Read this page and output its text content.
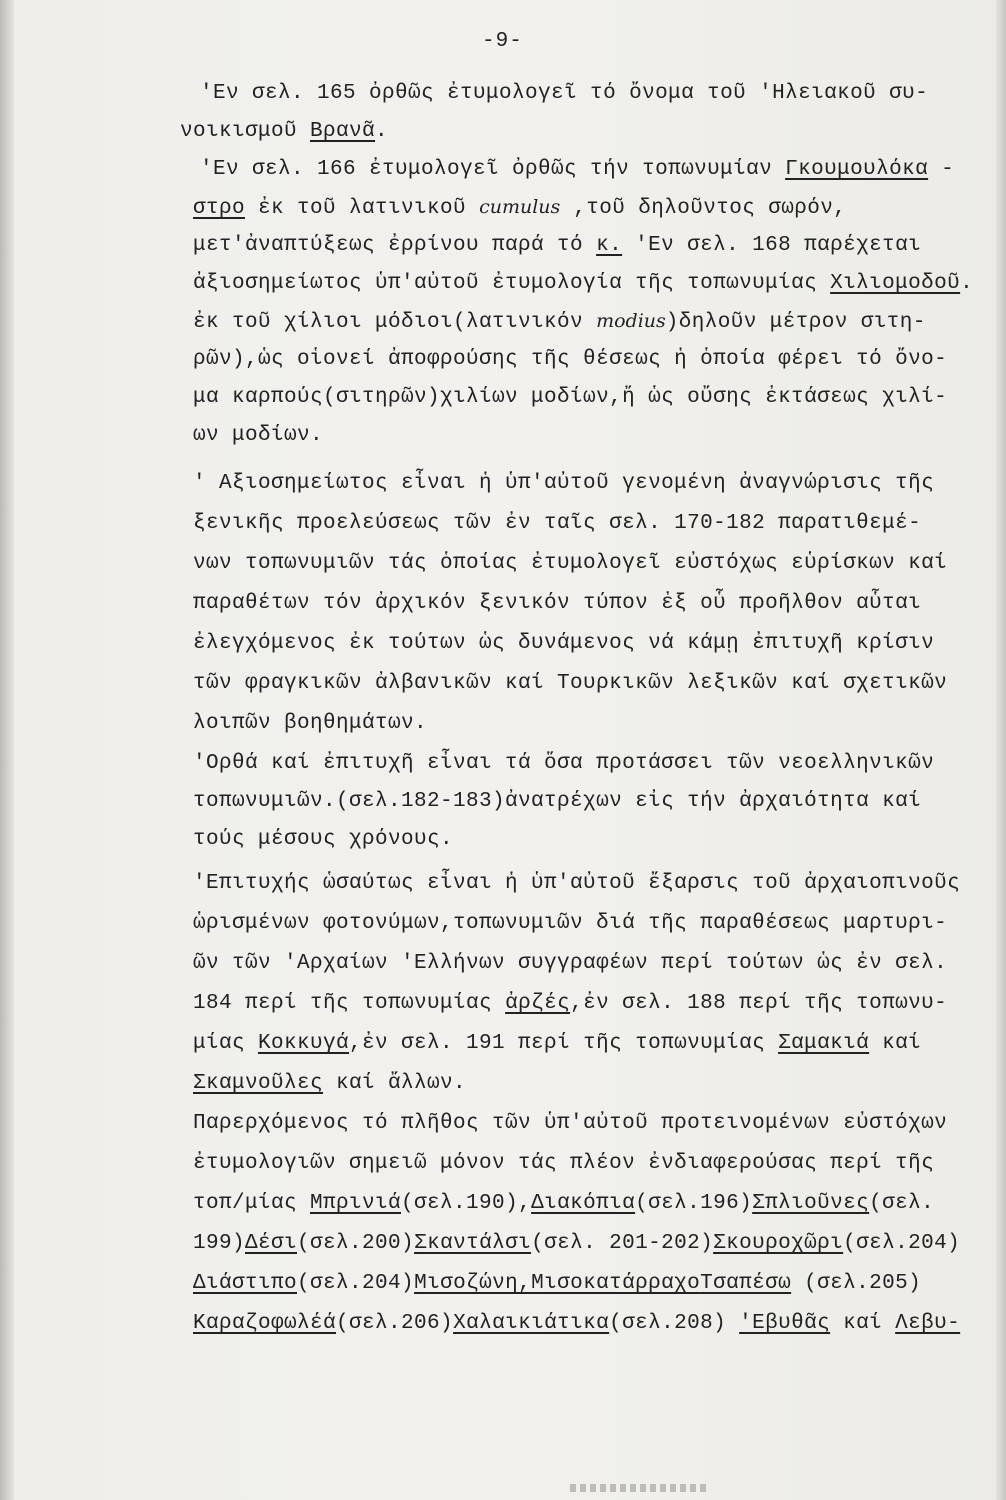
-9-
'Εν σελ. 165 ὀρθῶς ἐτυμολογεῖ τό ὄνομα τοῦ 'Ηλειακοῦ συ-
νοικισμοῦ Βρανᾶ.
'Εν σελ. 166 ἐτυμολογεῖ ὀρθῶς τήν τοπωνυμίαν Γκουμουλόκα -
στρο ἐκ τοῦ λατινικοῦ cumulus ,τοῦ δηλοῦντος σωρόν,
μετ'ἀναπτύξεως ἐρρίνου παρά τό κ. 'Εν σελ. 168 παρέχεται
ἀξιοσημείωτος ὑπ'αὐτοῦ ἐτυμολογία τῆς τοπωνυμίας Χιλιομοδοῦ.
ἐκ τοῦ χίλιοι μόδιοι(λατινικόν modius)δηλοῦν μέτρον σιτη-
ρῶν),ὡς οἱονεί ἀποφρούσης τῆς θέσεως ἡ ὁποία φέρει τό ὄνο-
μα καρπούς(σιτηρῶν)χιλίων μοδίων,ἤ ὡς οὔσης ἐκτάσεως χιλί-
ων μοδίων.
' Αξιοσημείωτος εἶναι ἡ ὑπ'αὐτοῦ γενομένη ἀναγνώρισις τῆς
ξενικῆς προελεύσεως τῶν ἐν ταῖς σελ. 170-182 παρατιθεμέ-
νων τοπωνυμιῶν τάς ὁποίας ἐτυμολογεῖ εὐστόχως εὑρίσκων καί
παραθέτων τόν ἀρχικόν ξενικόν τύπον ἐξ οὗ προῆλθον αὗται
ἐλεγχόμενος ἐκ τούτων ὡς δυνάμενος νά κάμῃ ἐπιτυχῆ κρίσιν
τῶν φραγκικῶν ἀλβανικῶν καί Τουρκικῶν λεξικῶν καί σχετικῶν
λοιπῶν βοηθημάτων.
'Ορθά καί ἐπιτυχῆ εἶναι τά ὅσα προτάσσει τῶν νεοελληνικῶν
τοπωνυμιῶν.(σελ.182-183)ἀνατρέχων εἰς τήν ἀρχαιότητα καί
τούς μέσους χρόνους.
'Επιτυχής ὡσαύτως εἶναι ἡ ὑπ'αὐτοῦ ἔξαρσις τοῦ ἀρχαιοπινοῦς
ὡρισμένων φοτονύμων,τοπωνυμιῶν διά τῆς παραθέσεως μαρτυρι-
ῶν τῶν 'Αρχαίων 'Ελλήνων συγγραφέων περί τούτων ὡς ἐν σελ.
184 περί τῆς τοπωνυμίας ἀρζές,ἐν σελ. 188 περί τῆς τοπωνυ-
μίας Κοκκυγά,ἐν σελ. 191 περί τῆς τοπωνυμίας Σαμακιά καί
Σκαμνοῦλες καί ἄλλων.
Παρερχόμενος τό πλῆθος τῶν ὑπ'αὐτοῦ προτεινομένων εὐστόχων
ἐτυμολογιῶν σημειῶ μόνον τάς πλέον ἐνδιαφερούσας περί τῆς
τοπ/μίας Μπρινιά(σελ.190),Διακόπια(σελ.196)Σπλιοῦνες(σελ.
199)Δέσι(σελ.200)Σκαντάλσι(σελ. 201-202)Σκουροχῶρι(σελ.204)
Διάστιπο(σελ.204)Μισοζώνη,ΜισοκατάρραχοΤσαπέσω (σελ.205)
Καραζοφωλέά(σελ.206)Χαλαικιάτικα(σελ.208) 'Εβυθᾶς καί Λεβυ-
